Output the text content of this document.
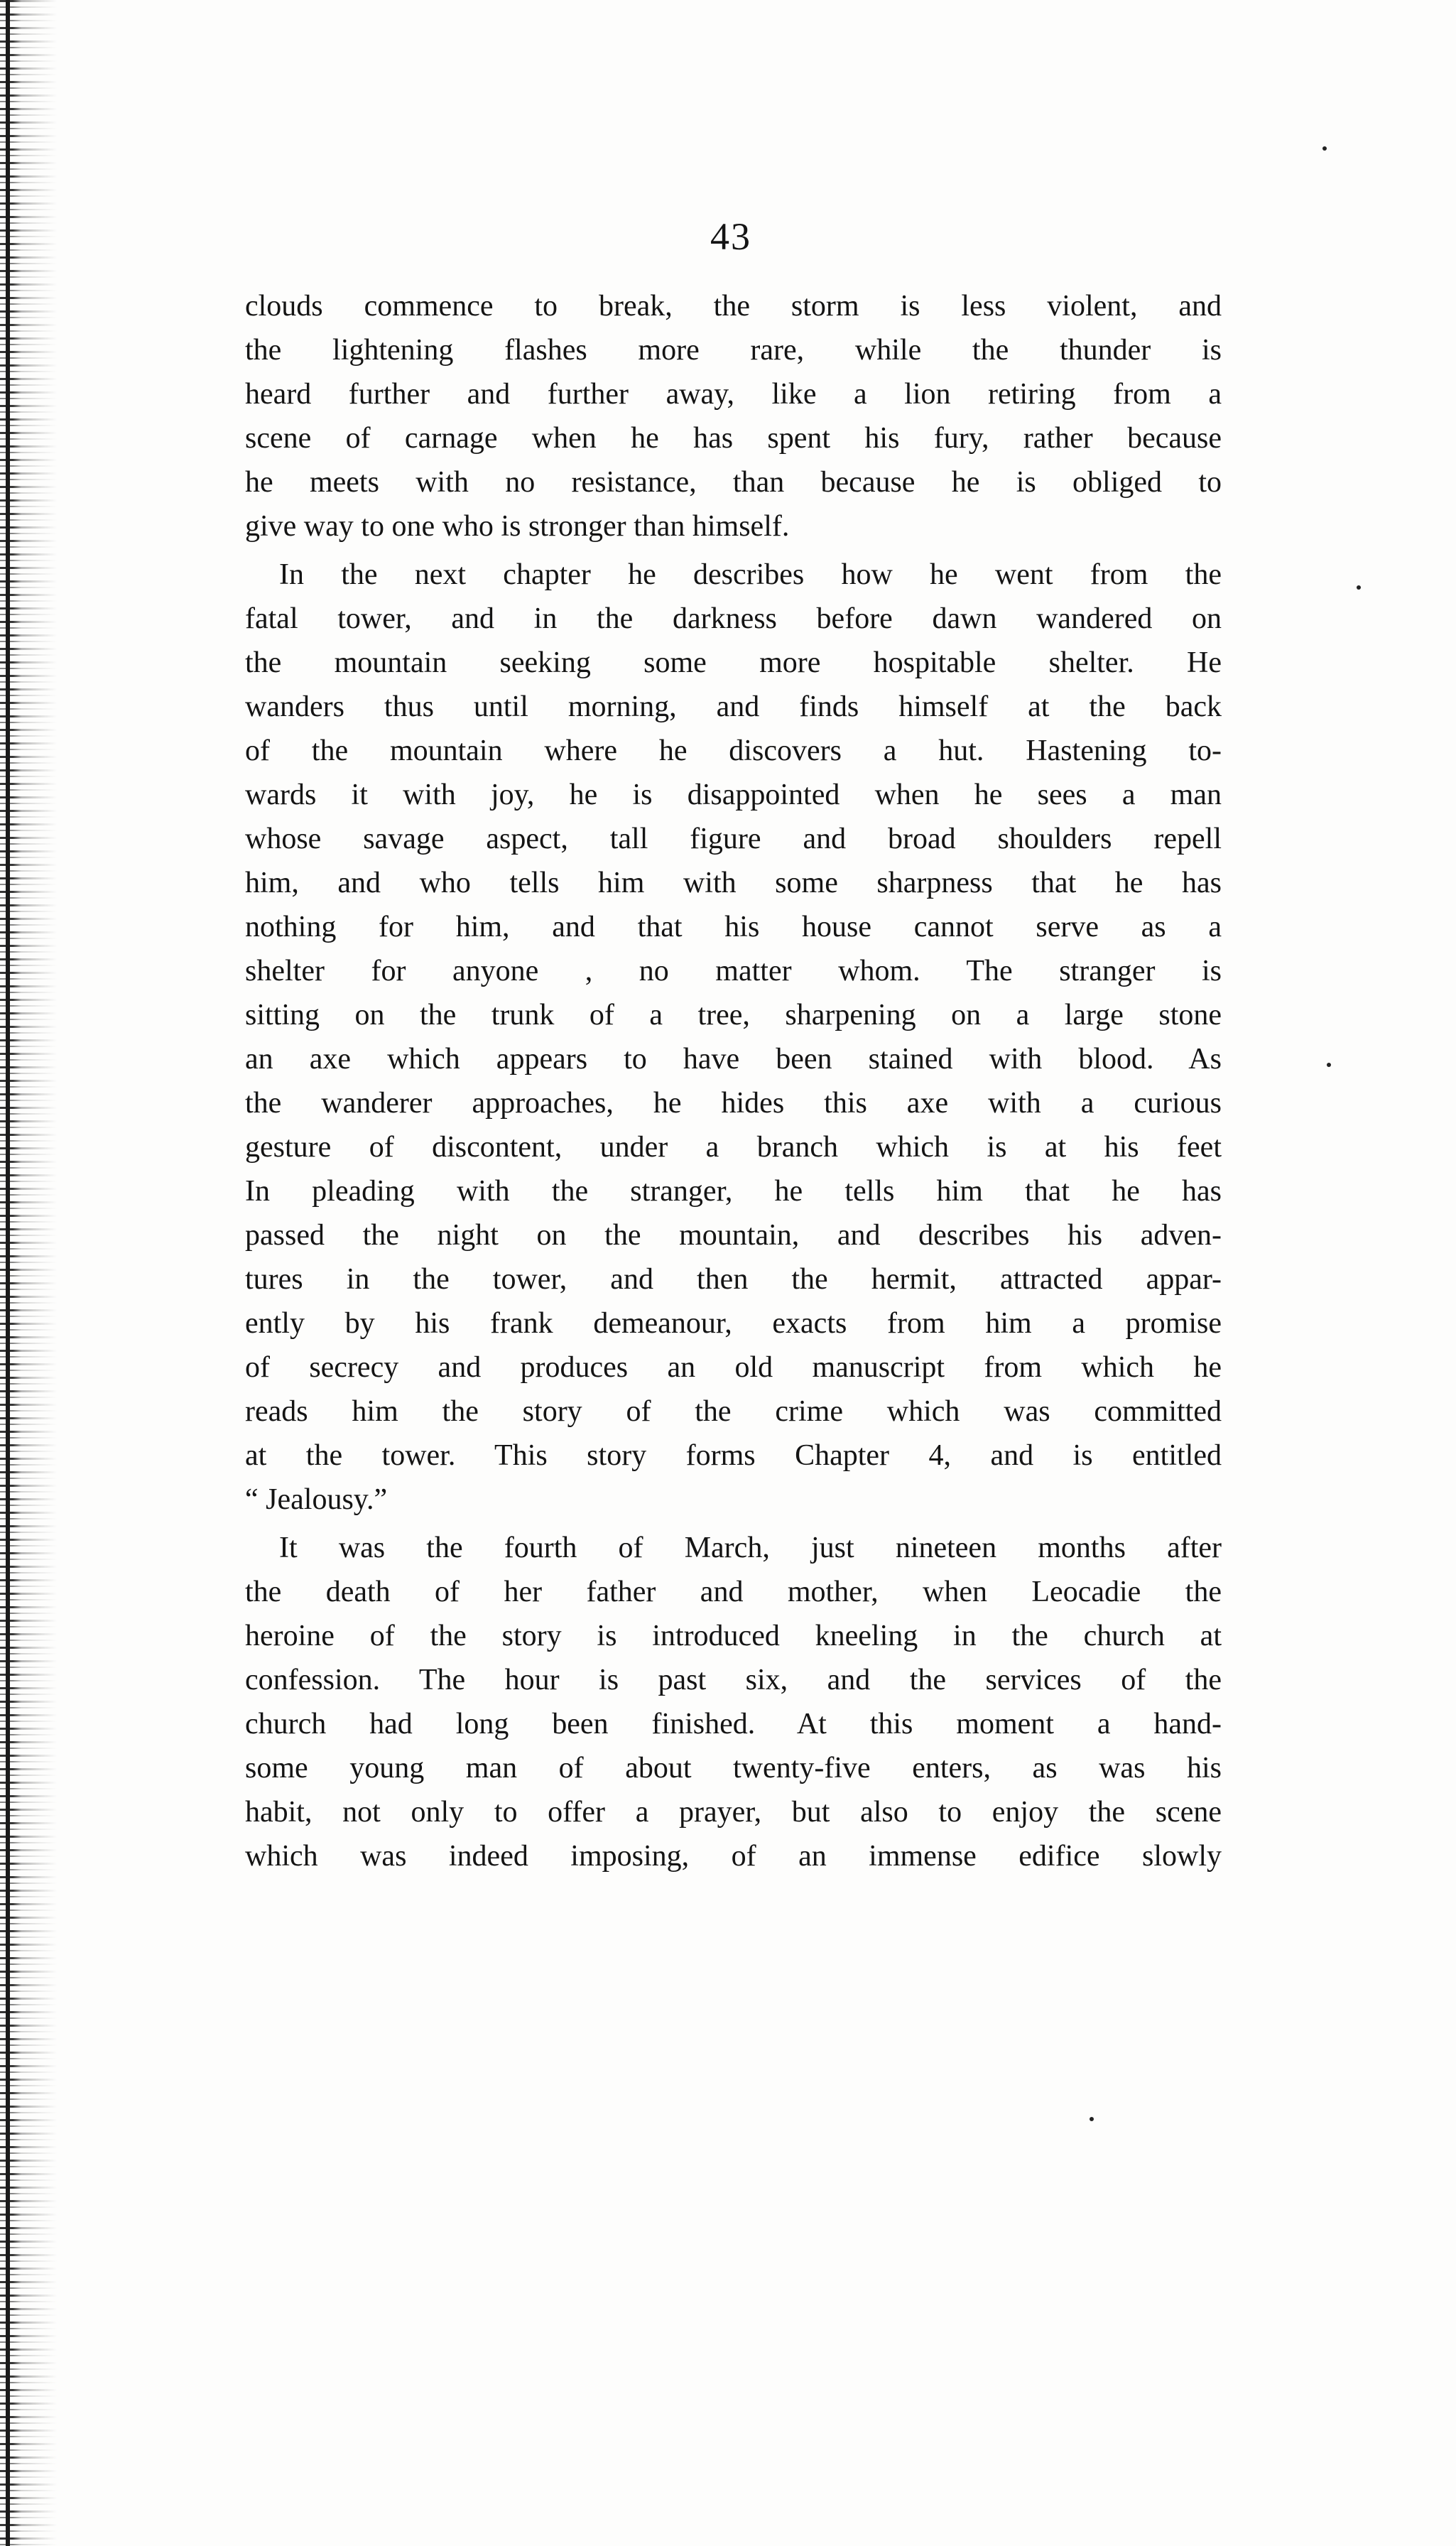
43
clouds commence to break, the storm is less violent, and
the lightening flashes more rare, while the thunder is
heard further and further away, like a lion retiring from a
scene of carnage when he has spent his fury, rather because
he meets with no resistance, than because he is obliged to
give way to one who is stronger than himself.
In the next chapter he describes how he went from the
fatal tower, and in the darkness before dawn wandered on
the mountain seeking some more hospitable shelter. He
wanders thus until morning, and finds himself at the back
of the mountain where he discovers a hut. Hastening to-
wards it with joy, he is disappointed when he sees a man
whose savage aspect, tall figure and broad shoulders repell
him, and who tells him with some sharpness that he has
nothing for him, and that his house cannot serve as a
shelter for anyone , no matter whom. The stranger is
sitting on the trunk of a tree, sharpening on a large stone
an axe which appears to have been stained with blood. As
the wanderer approaches, he hides this axe with a curious
gesture of discontent, under a branch which is at his feet
In pleading with the stranger, he tells him that he has
passed the night on the mountain, and describes his adven-
tures in the tower, and then the hermit, attracted appar-
ently by his frank demeanour, exacts from him a promise
of secrecy and produces an old manuscript from which he
reads him the story of the crime which was committed
at the tower. This story forms Chapter 4, and is entitled
“ Jealousy.”
It was the fourth of March, just nineteen months after
the death of her father and mother, when Leocadie the
heroine of the story is introduced kneeling in the church at
confession. The hour is past six, and the services of the
church had long been finished. At this moment a hand-
some young man of about twenty-five enters, as was his
habit, not only to offer a prayer, but also to enjoy the scene
which was indeed imposing, of an immense edifice slowly
